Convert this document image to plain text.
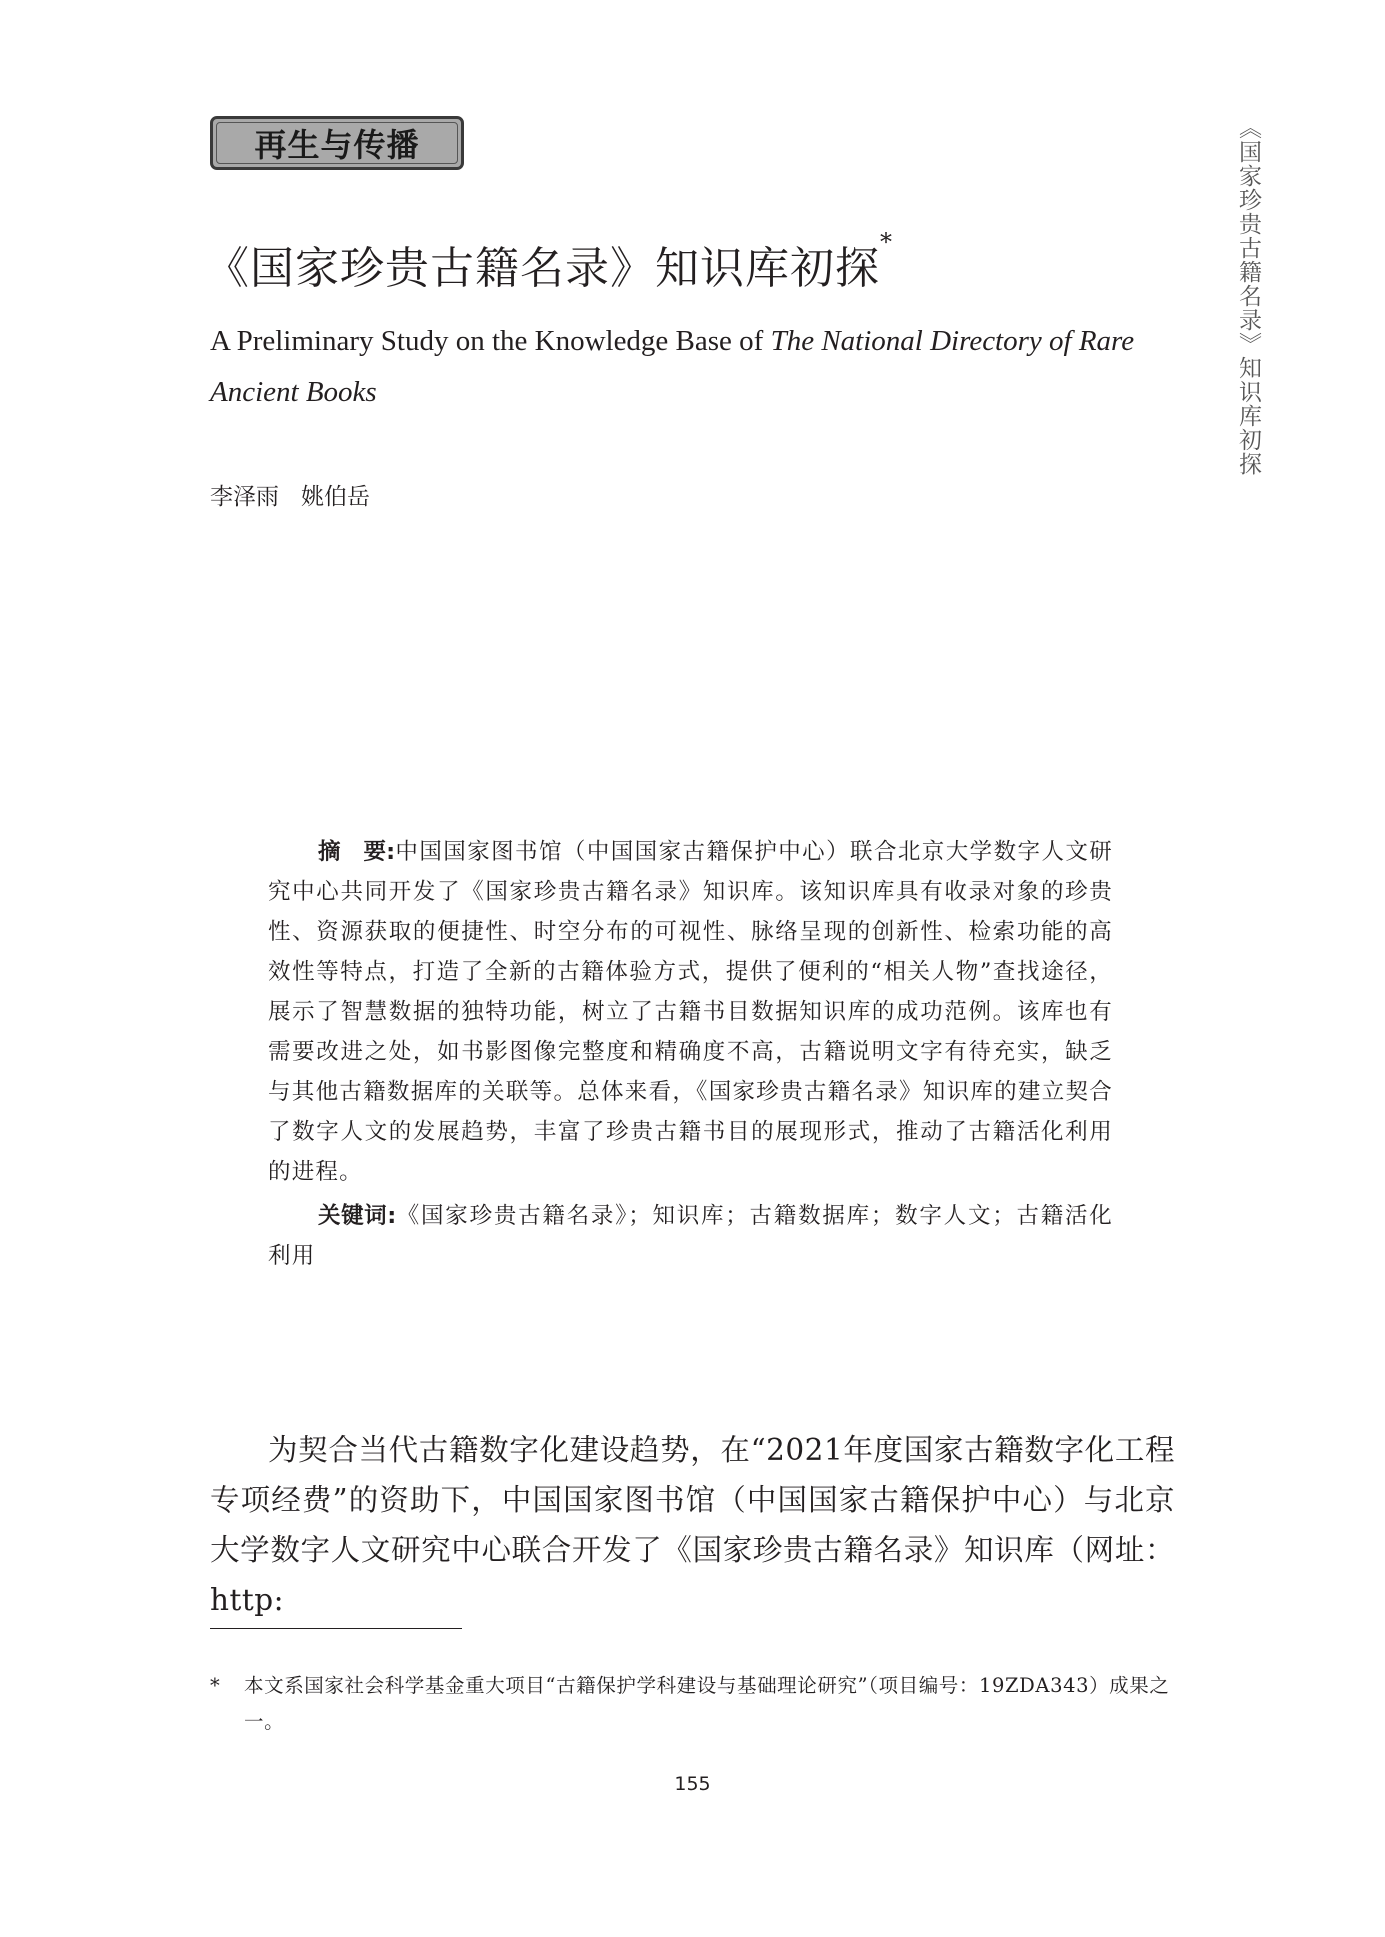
再生与传播	《国家珍贵古籍名录》知识库初探
《国家珍贵古籍名录》知识库初探*
A Preliminary Study on the Knowledge Base of The National Directory of Rare Ancient Books
李泽雨 姚伯岳

摘　要:中国国家图书馆（中国国家古籍保护中心）联合北京大学数字人文研究中心共同开发了《国家珍贵古籍名录》知识库。该知识库具有收录对象的珍贵性、资源获取的便捷性、时空分布的可视性、脉络呈现的创新性、检索功能的高效性等特点，打造了全新的古籍体验方式，提供了便利的“相关人物”查找途径，展示了智慧数据的独特功能，树立了古籍书目数据知识库的成功范例。该库也有需要改进之处，如书影图像完整度和精确度不高，古籍说明文字有待充实，缺乏与其他古籍数据库的关联等。总体来看，《国家珍贵古籍名录》知识库的建立契合了数字人文的发展趋势，丰富了珍贵古籍书目的展现形式，推动了古籍活化利用的进程。

关键词:《国家珍贵古籍名录》；知识库；古籍数据库；数字人文；古籍活化利用

为契合当代古籍数字化建设趋势，在“2021年度国家古籍数字化工程专项经费”的资助下，中国国家图书馆（中国国家古籍保护中心）与北京大学数字人文研究中心联合开发了《国家珍贵古籍名录》知识库（网址：http:

* 本文系国家社会科学基金重大项目“古籍保护学科建设与基础理论研究”（项目编号：19ZDA343）成果之一。
155
